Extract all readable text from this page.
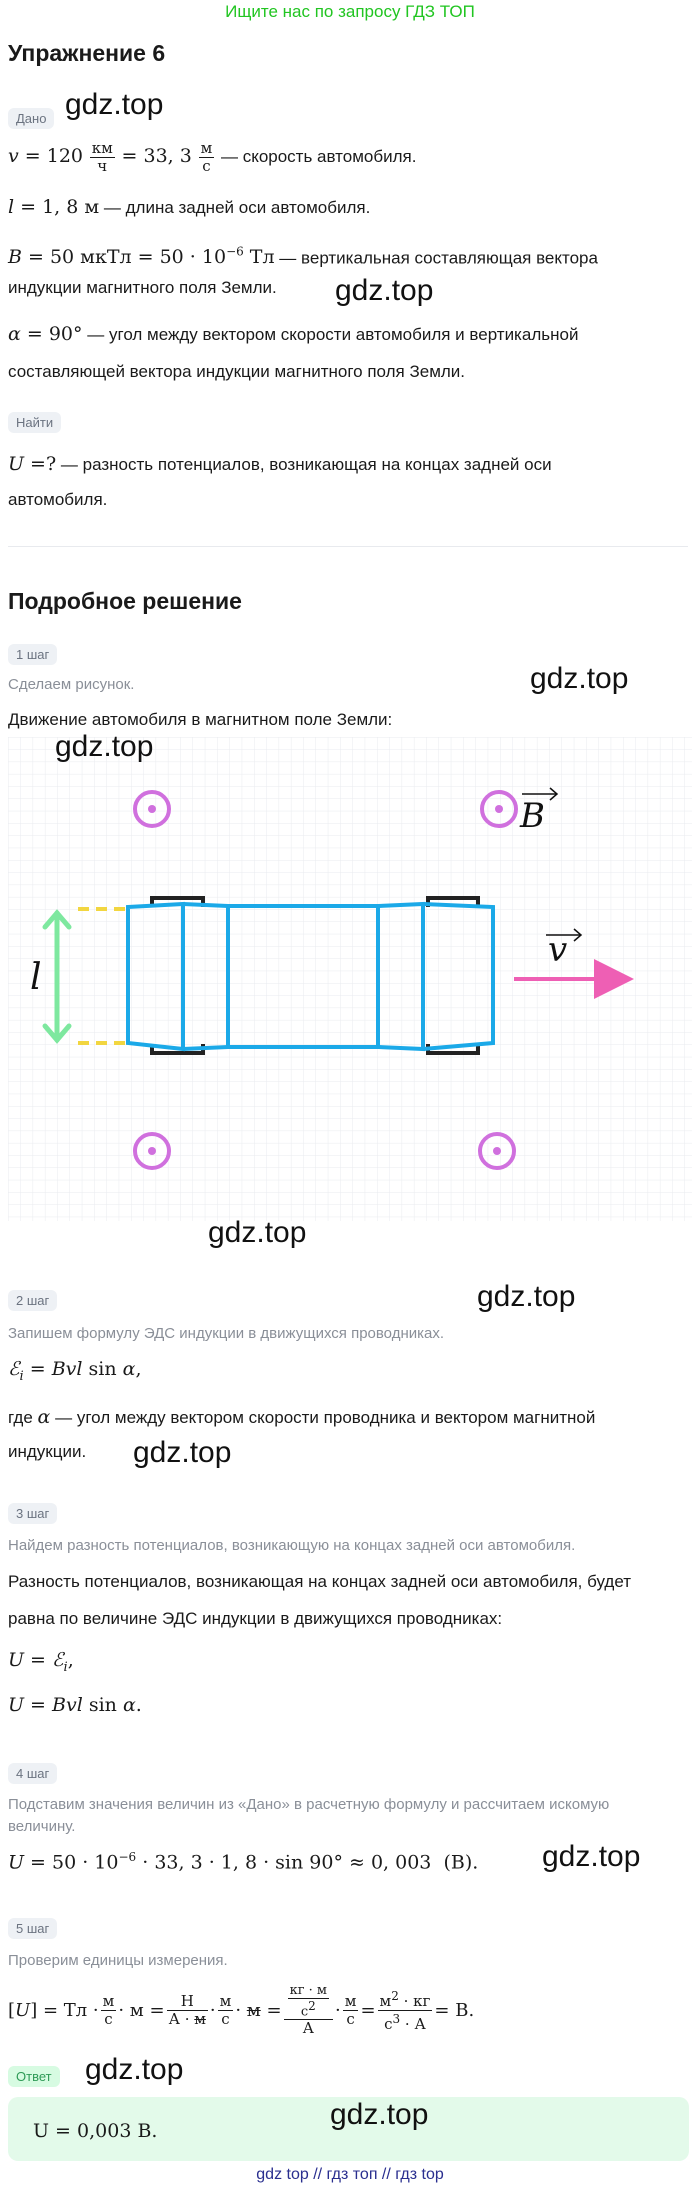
Ищите нас по запросу ГДЗ ТОП
Упражнение 6
Дано gdz.top
$v = 120 \frac{км}{ч} = 33$, $3 \frac{м}{с}$ — скорость автомобиля.
l = 1, 8 м — длина задней оси автомобиля.
B = 50 мкТл = $50 \cdot 10^{-6}$ Тл — вертикальная составляющая вектора
индукции магнитного поля Земли. gdz.top
α = 90° — угол между вектором скорости автомобиля и вертикальной
составляющей вектора индукции магнитного поля Земли.
Найти
U =? — разность потенциалов, возникающая на концах задней оси
автомобиля.
Подробное решение
1 шаг
Сделаем рисунок.	gdz.top
Движение автомобиля в магнитном поле Земли:
B
l
v
gdz.top
gdz.top
gdz.top
2 шаг
Запишем формулу ЭДС индукции в движущихся проводниках.
ℰ$_i$ = Bvl sin α,
где α — угол между вектором скорости проводника и вектором магнитной
индукции. gdz.top
3 шаг
Найдем разность потенциалов, возникающую на концах задней оси автомобиля.
Разность потенциалов, возникающая на концах задней оси автомобиля, будет
равна по величине ЭДС индукции в движущихся проводниках:
U = ℰ$_i$,
U = Bvl sin α.
4 шаг
Подставим значения величин из «Дано» в расчетную формулу и рассчитаем искомую
величину.
$U = 50 \cdot 10^{-6} \cdot 33$, 3 · 1, 8 · sin 90° ≈ 0, 003  (В). gdz.top
5 шаг
Проверим единицы измерения.
[U] = Тл · $\frac{м}{с} \cdot м = \frac{Н}{А \cdot м} \cdot \frac{м}{с} \cdot м = \frac{\frac{кг \cdot м}{с^2}}{А} \cdot \frac{м}{с} = \frac{м^2 \cdot кг}{с^3 \cdot А} = В$.
Ответ gdz.top
U = 0,003 В.	gdz.top
gdz top // гдз топ // гдз top
